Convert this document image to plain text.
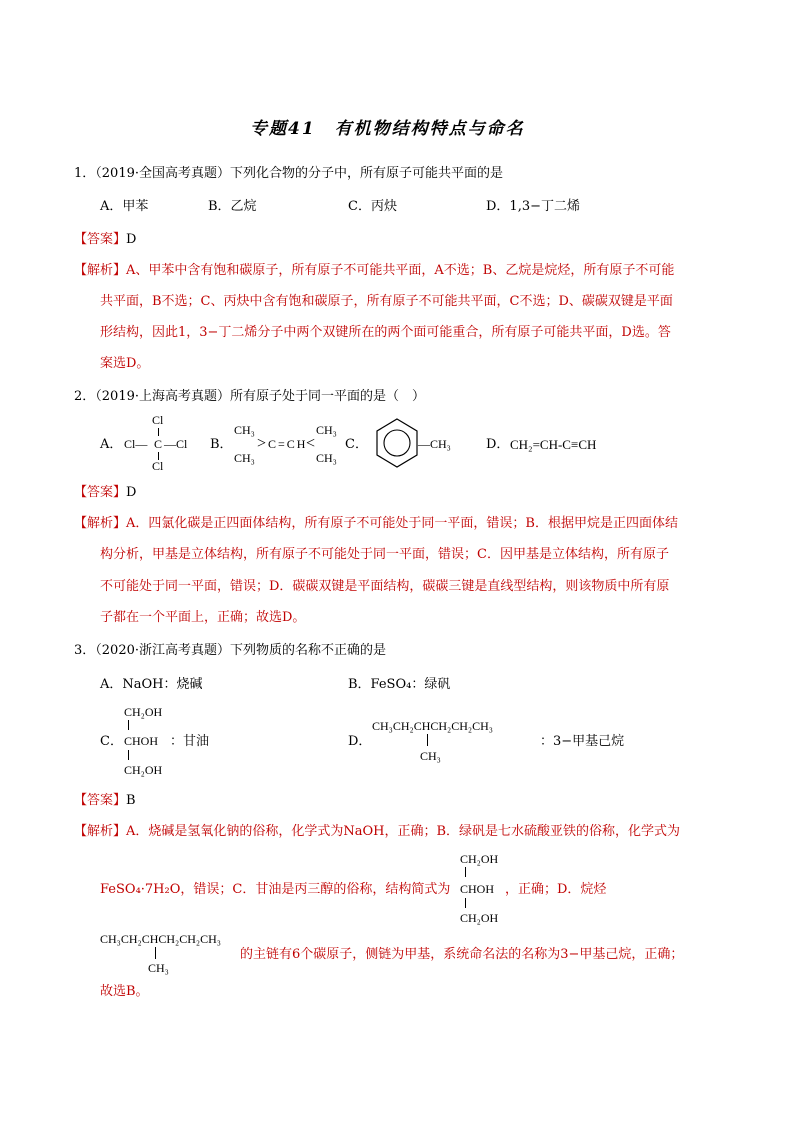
专题41　有机物结构特点与命名
1．（2019·全国高考真题）下列化合物的分子中，所有原子可能共平面的是
A．甲苯	B．乙烷	C．丙炔	D．1,3−丁二烯
【答案】D
【解析】 A、甲苯中含有饱和碳原子，所有原子不可能共平面，A不选；B、乙烷是烷烃，所有原子不可能
共平面，B不选；C、丙炔中含有饱和碳原子，所有原子不可能共平面，C不选；D、碳碳双键是平面
形结构，因此1，3−丁二烯分子中两个双键所在的两个面可能重合，所有原子可能共平面，D选。答
案选D。
2．（2019·上海高考真题）所有原子处于同一平面的是（　）
A．
Cl
Cl— C —Cl
Cl
B．
CH₃
CH₃
> C=CH
<
CH₃
CH₃
C．	—CH₃	D． CH₂=CH-C≡CH
【答案】D
【解析】 A．四氯化碳是正四面体结构，所有原子不可能处于同一平面，错误；B．根据甲烷是正四面体结
构分析，甲基是立体结构，所有原子不可能处于同一平面，错误；C．因甲基是立体结构，所有原子
不可能处于同一平面，错误；D．碳碳双键是平面结构，碳碳三键是直线型结构，则该物质中所有原
子都在一个平面上，正确；故选D。
3．（2020·浙江高考真题）下列物质的名称不正确的是
A．NaOH：烧碱	B．FeSO₄：绿矾
C．
CH₂OH
CHOH
CH₂OH
：甘油	D．
CH₃CH₂CHCH₂CH₂CH₃
CH₃
：3−甲基己烷
【答案】B
【解析】 A．烧碱是氢氧化钠的俗称，化学式为NaOH，正确；B．绿矾是七水硫酸亚铁的俗称，化学式为
FeSO₄·7H₂O，错误；C．甘油是丙三醇的俗称，结构简式为
CH₂OH
CHOH
CH₂OH
，正确；D．烷烃
CH₃CH₂CHCH₂CH₂CH₃
CH₃
的主链有6个碳原子，侧链为甲基，系统命名法的名称为3−甲基己烷，正确；
故选B。
